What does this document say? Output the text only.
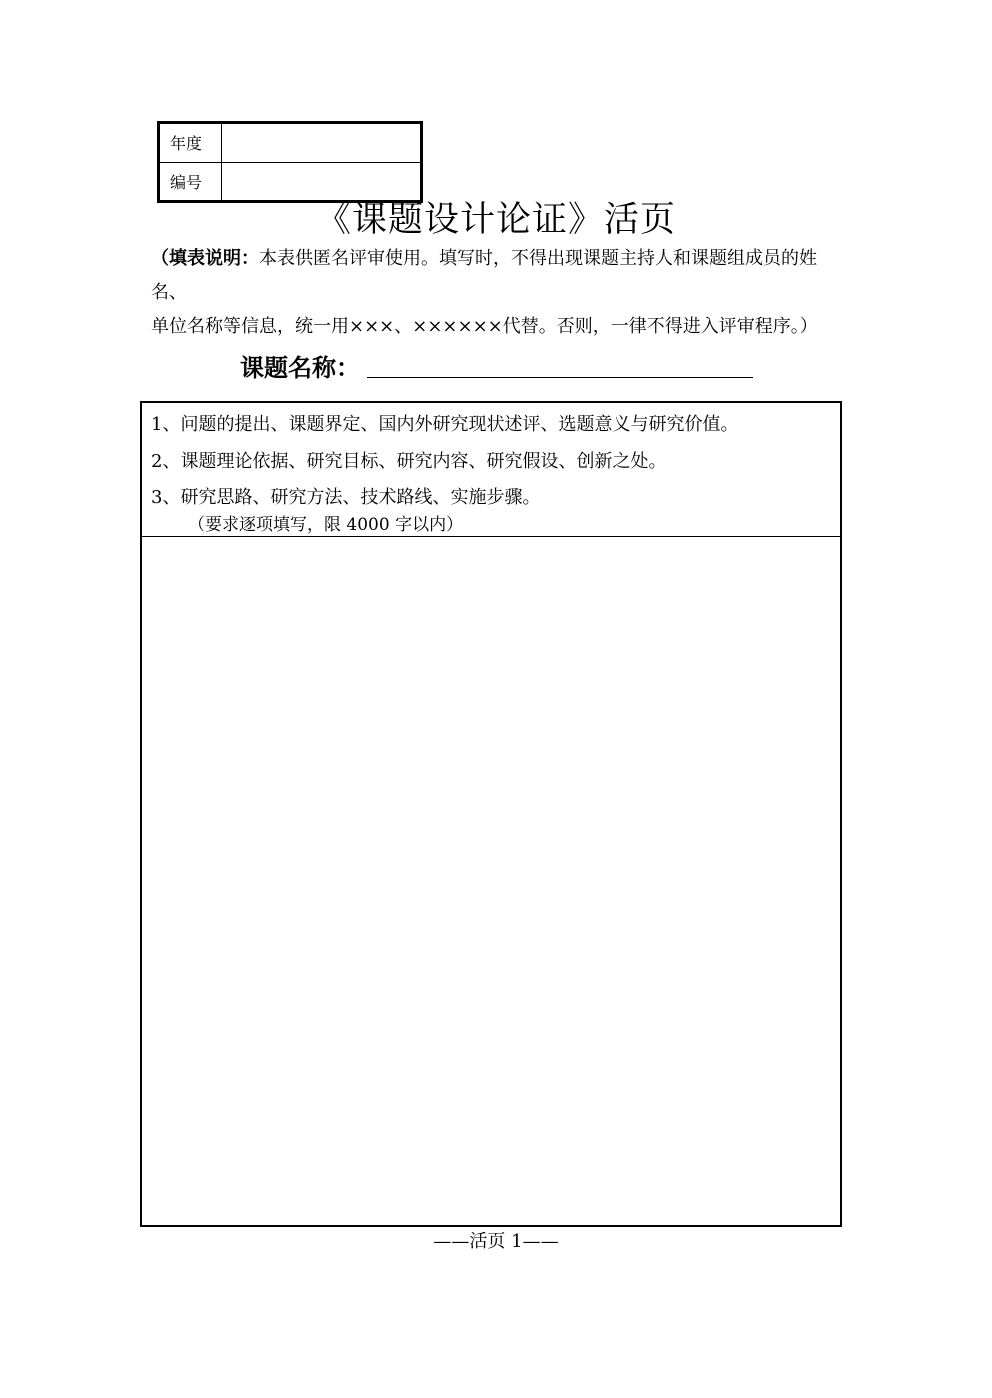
年度
编号
《课题设计论证》活页
（填表说明：本表供匿名评审使用。填写时，不得出现课题主持人和课题组成员的姓
名、
单位名称等信息，统一用×××、××××××代替。否则，一律不得进入评审程序。）
课题名称：
1、问题的提出、课题界定、国内外研究现状述评、选题意义与研究价值。
2、课题理论依据、研究目标、研究内容、研究假设、创新之处。
3、研究思路、研究方法、技术路线、实施步骤。
（要求逐项填写，限 4000 字以内）
——活页 1——
